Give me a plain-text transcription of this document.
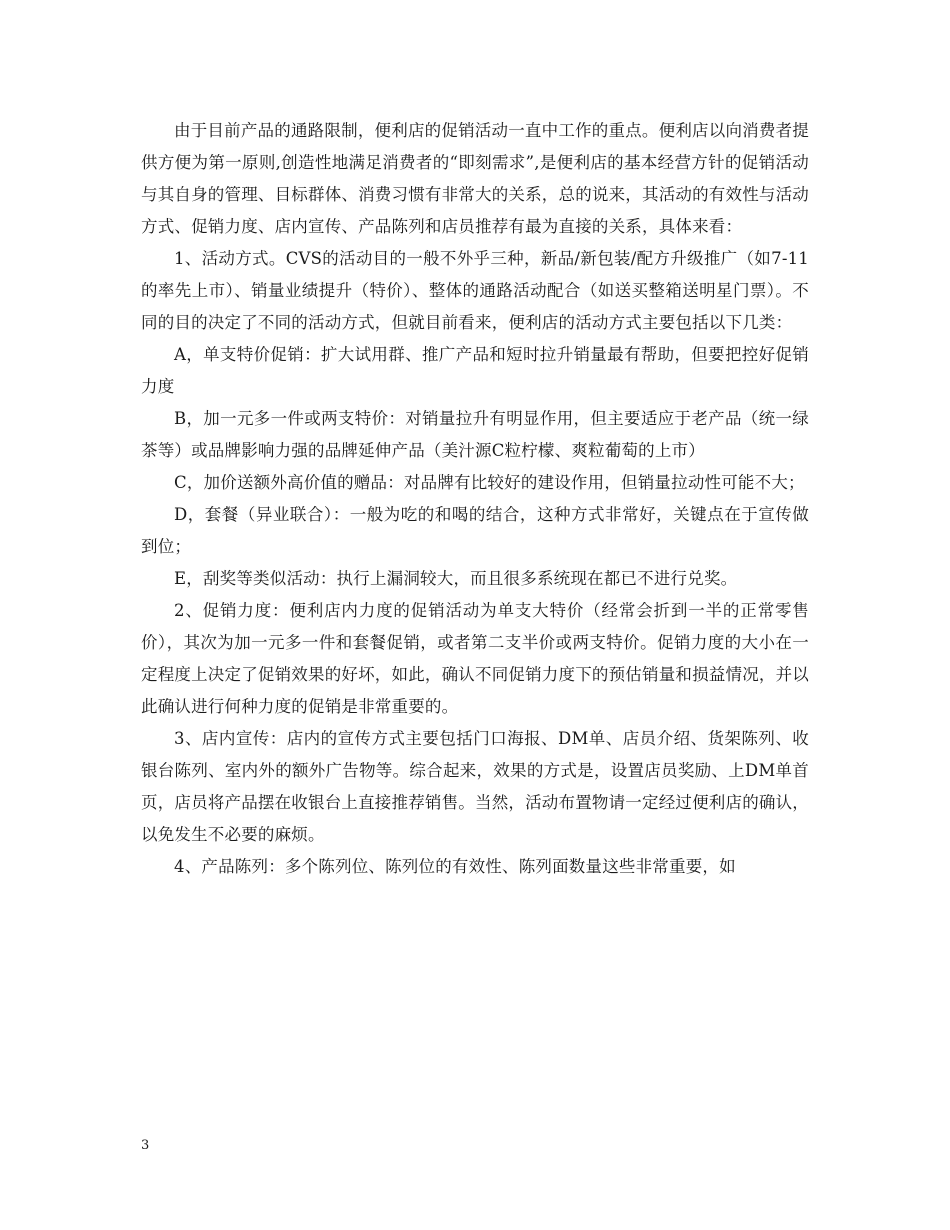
由于目前产品的通路限制，便利店的促销活动一直中工作的重点。便利店以向消费者提供方便为第一原则,创造性地满足消费者的“即刻需求”,是便利店的基本经营方针的促销活动与其自身的管理、目标群体、消费习惯有非常大的关系，总的说来，其活动的有效性与活动方式、促销力度、店内宣传、产品陈列和店员推荐有最为直接的关系，具体来看：

1、活动方式。CVS的活动目的一般不外乎三种，新品/新包装/配方升级推广（如7-11的率先上市）、销量业绩提升（特价）、整体的通路活动配合（如送买整箱送明星门票）。不同的目的决定了不同的活动方式，但就目前看来，便利店的活动方式主要包括以下几类：

A，单支特价促销：扩大试用群、推广产品和短时拉升销量最有帮助，但要把控好促销力度

B，加一元多一件或两支特价：对销量拉升有明显作用，但主要适应于老产品（统一绿茶等）或品牌影响力强的品牌延伸产品（美汁源C粒柠檬、爽粒葡萄的上市）

C，加价送额外高价值的赠品：对品牌有比较好的建设作用，但销量拉动性可能不大；

D，套餐（异业联合）：一般为吃的和喝的结合，这种方式非常好，关键点在于宣传做到位；

E，刮奖等类似活动：执行上漏洞较大，而且很多系统现在都已不进行兑奖。

2、促销力度：便利店内力度的促销活动为单支大特价（经常会折到一半的正常零售价），其次为加一元多一件和套餐促销，或者第二支半价或两支特价。促销力度的大小在一定程度上决定了促销效果的好坏，如此，确认不同促销力度下的预估销量和损益情况，并以此确认进行何种力度的促销是非常重要的。

3、店内宣传：店内的宣传方式主要包括门口海报、DM单、店员介绍、货架陈列、收银台陈列、室内外的额外广告物等。综合起来，效果的方式是，设置店员奖励、上DM单首页，店员将产品摆在收银台上直接推荐销售。当然，活动布置物请一定经过便利店的确认，以免发生不必要的麻烦。

4、产品陈列：多个陈列位、陈列位的有效性、陈列面数量这些非常重要，如

3
